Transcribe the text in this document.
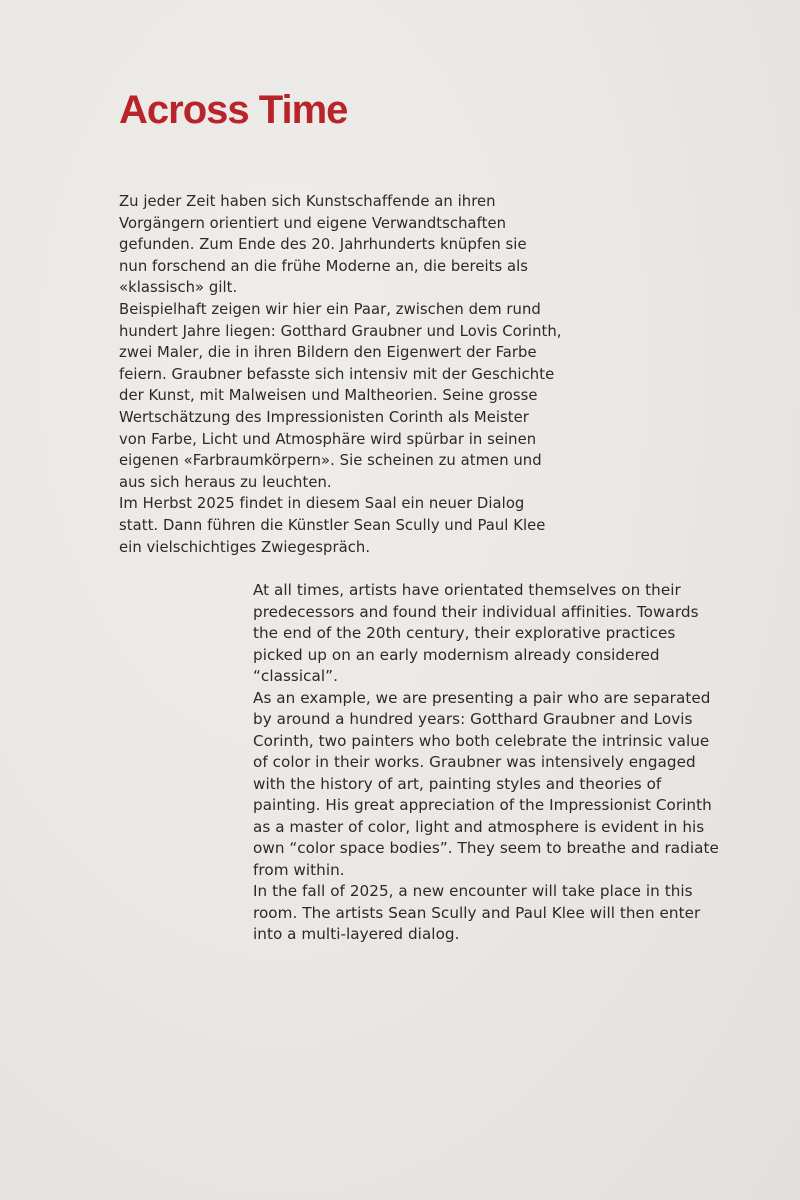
Across Time

Zu jeder Zeit haben sich Kunstschaffende an ihren
Vorgängern orientiert und eigene Verwandtschaften
gefunden. Zum Ende des 20. Jahrhunderts knüpfen sie
nun forschend an die frühe Moderne an, die bereits als
«klassisch» gilt.

Beispielhaft zeigen wir hier ein Paar, zwischen dem rund
hundert Jahre liegen: Gotthard Graubner und Lovis Corinth,
zwei Maler, die in ihren Bildern den Eigenwert der Farbe
feiern. Graubner befasste sich intensiv mit der Geschichte
der Kunst, mit Malweisen und Maltheorien. Seine grosse
Wertschätzung des Impressionisten Corinth als Meister
von Farbe, Licht und Atmosphäre wird spürbar in seinen
eigenen «Farbraumkörpern». Sie scheinen zu atmen und
aus sich heraus zu leuchten.

Im Herbst 2025 findet in diesem Saal ein neuer Dialog
statt. Dann führen die Künstler Sean Scully und Paul Klee
ein vielschichtiges Zwiegespräch.

At all times, artists have orientated themselves on their
predecessors and found their individual affinities. Towards
the end of the 20th century, their explorative practices
picked up on an early modernism already considered
“classical”.

As an example, we are presenting a pair who are separated
by around a hundred years: Gotthard Graubner and Lovis
Corinth, two painters who both celebrate the intrinsic value
of color in their works. Graubner was intensively engaged
with the history of art, painting styles and theories of
painting. His great appreciation of the Impressionist Corinth
as a master of color, light and atmosphere is evident in his
own “color space bodies”. They seem to breathe and radiate
from within.

In the fall of 2025, a new encounter will take place in this
room. The artists Sean Scully and Paul Klee will then enter
into a multi-layered dialog.
